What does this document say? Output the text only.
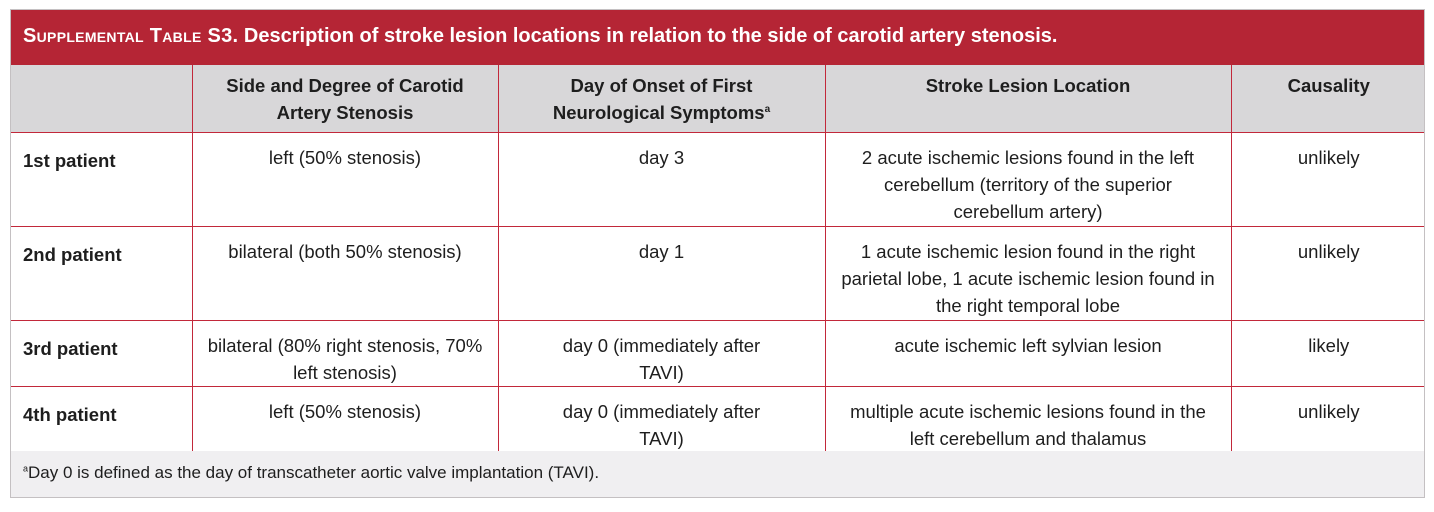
Supplemental Table S3. Description of stroke lesion locations in relation to the side of carotid artery stenosis.

	Side and Degree of Carotid Artery Stenosis	Day of Onset of First Neurological Symptoms$^a$	Stroke Lesion Location	Causality

1st patient	left (50% stenosis)	day 3	2 acute ischemic lesions found in the left cerebellum (territory of the superior cerebellum artery)	unlikely
2nd patient	bilateral (both 50% stenosis)	day 1	1 acute ischemic lesion found in the right parietal lobe, 1 acute ischemic lesion found in the right temporal lobe	unlikely
3rd patient	bilateral (80% right stenosis, 70% left stenosis)	day 0 (immediately after TAVI)	acute ischemic left sylvian lesion	likely
4th patient	left (50% stenosis)	day 0 (immediately after TAVI)	multiple acute ischemic lesions found in the left cerebellum and thalamus	unlikely
$^a$Day 0 is defined as the day of transcatheter aortic valve implantation (TAVI).
